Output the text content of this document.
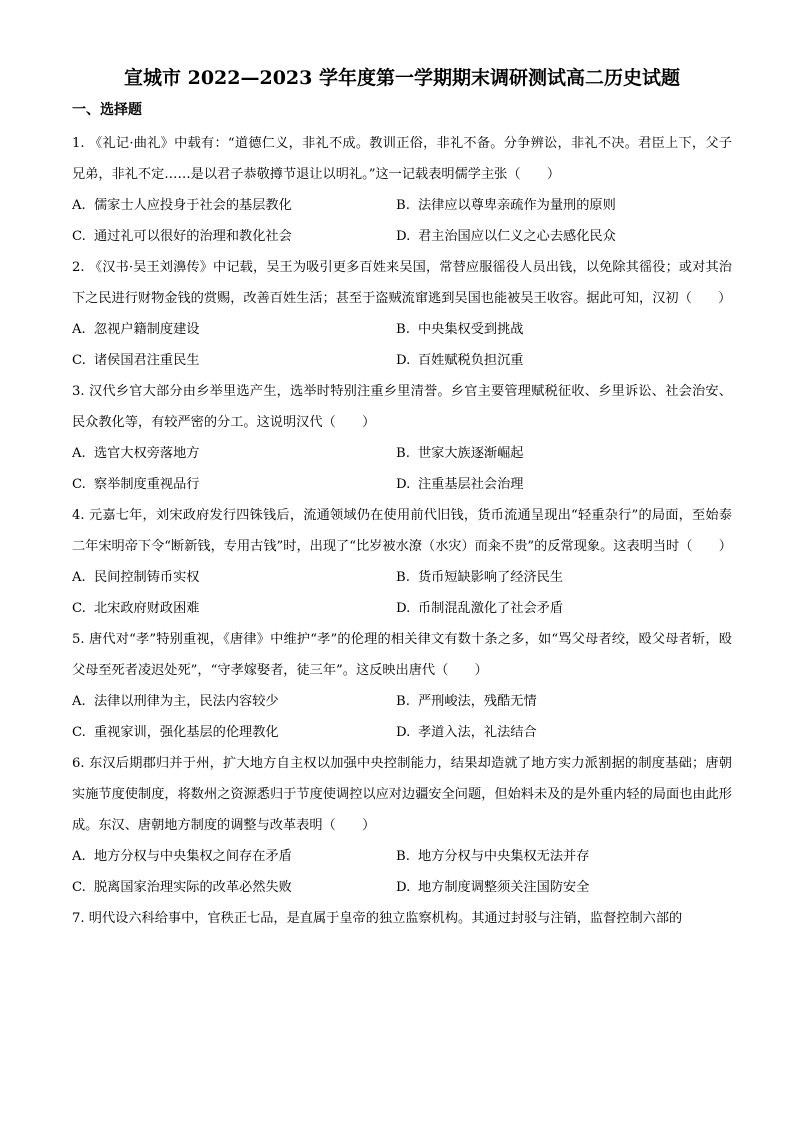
宣城市 2022—2023 学年度第一学期期末调研测试高二历史试题
一、选择题

1. 《礼记·曲礼》中载有：“道德仁义，非礼不成。教训正俗，非礼不备。分争辨讼，非礼不决。君臣上下，父子兄弟，非礼不定……是以君子恭敬撙节退让以明礼。”这一记载表明儒学主张（　　）

A. 儒家士人应投身于社会的基层教化	B. 法律应以尊卑亲疏作为量刑的原则
C. 通过礼可以很好的治理和教化社会	D. 君主治国应以仁义之心去感化民众

2. 《汉书·吴王刘濞传》中记载，吴王为吸引更多百姓来吴国，常替应服徭役人员出钱，以免除其徭役；或对其治下之民进行财物金钱的赏赐，改善百姓生活；甚至于盗贼流窜逃到吴国也能被吴王收容。据此可知，汉初（　　）

A. 忽视户籍制度建设	B. 中央集权受到挑战
C. 诸侯国君注重民生	D. 百姓赋税负担沉重

3. 汉代乡官大部分由乡举里选产生，选举时特别注重乡里清誉。乡官主要管理赋税征收、乡里诉讼、社会治安、民众教化等，有较严密的分工。这说明汉代（　　）

A. 选官大权旁落地方	B. 世家大族逐渐崛起
C. 察举制度重视品行	D. 注重基层社会治理

4. 元嘉七年，刘宋政府发行四铢钱后，流通领域仍在使用前代旧钱，货币流通呈现出“轻重杂行”的局面，至始泰二年宋明帝下令“断新钱，专用古钱”时，出现了“比岁被水潦（水灾）而籴不贵”的反常现象。这表明当时（　　）

A. 民间控制铸币实权	B. 货币短缺影响了经济民生
C. 北宋政府财政困难	D. 币制混乱激化了社会矛盾

5. 唐代对“孝”特别重视，《唐律》中维护“孝”的伦理的相关律文有数十条之多，如“骂父母者绞，殴父母者斩，殴父母至死者凌迟处死”，“守孝嫁娶者，徒三年”。这反映出唐代（　　）

A. 法律以刑律为主，民法内容较少	B. 严刑峻法，残酷无情
C. 重视家训，强化基层的伦理教化	D. 孝道入法，礼法结合

6. 东汉后期郡归并于州，扩大地方自主权以加强中央控制能力，结果却造就了地方实力派割据的制度基础；唐朝实施节度使制度，将数州之资源悉归于节度使调控以应对边疆安全问题，但始料未及的是外重内轻的局面也由此形成。东汉、唐朝地方制度的调整与改革表明（　　）

A. 地方分权与中央集权之间存在矛盾	B. 地方分权与中央集权无法并存
C. 脱离国家治理实际的改革必然失败	D. 地方制度调整须关注国防安全

7. 明代设六科给事中，官秩正七品，是直属于皇帝的独立监察机构。其通过封驳与注销，监督控制六部的
